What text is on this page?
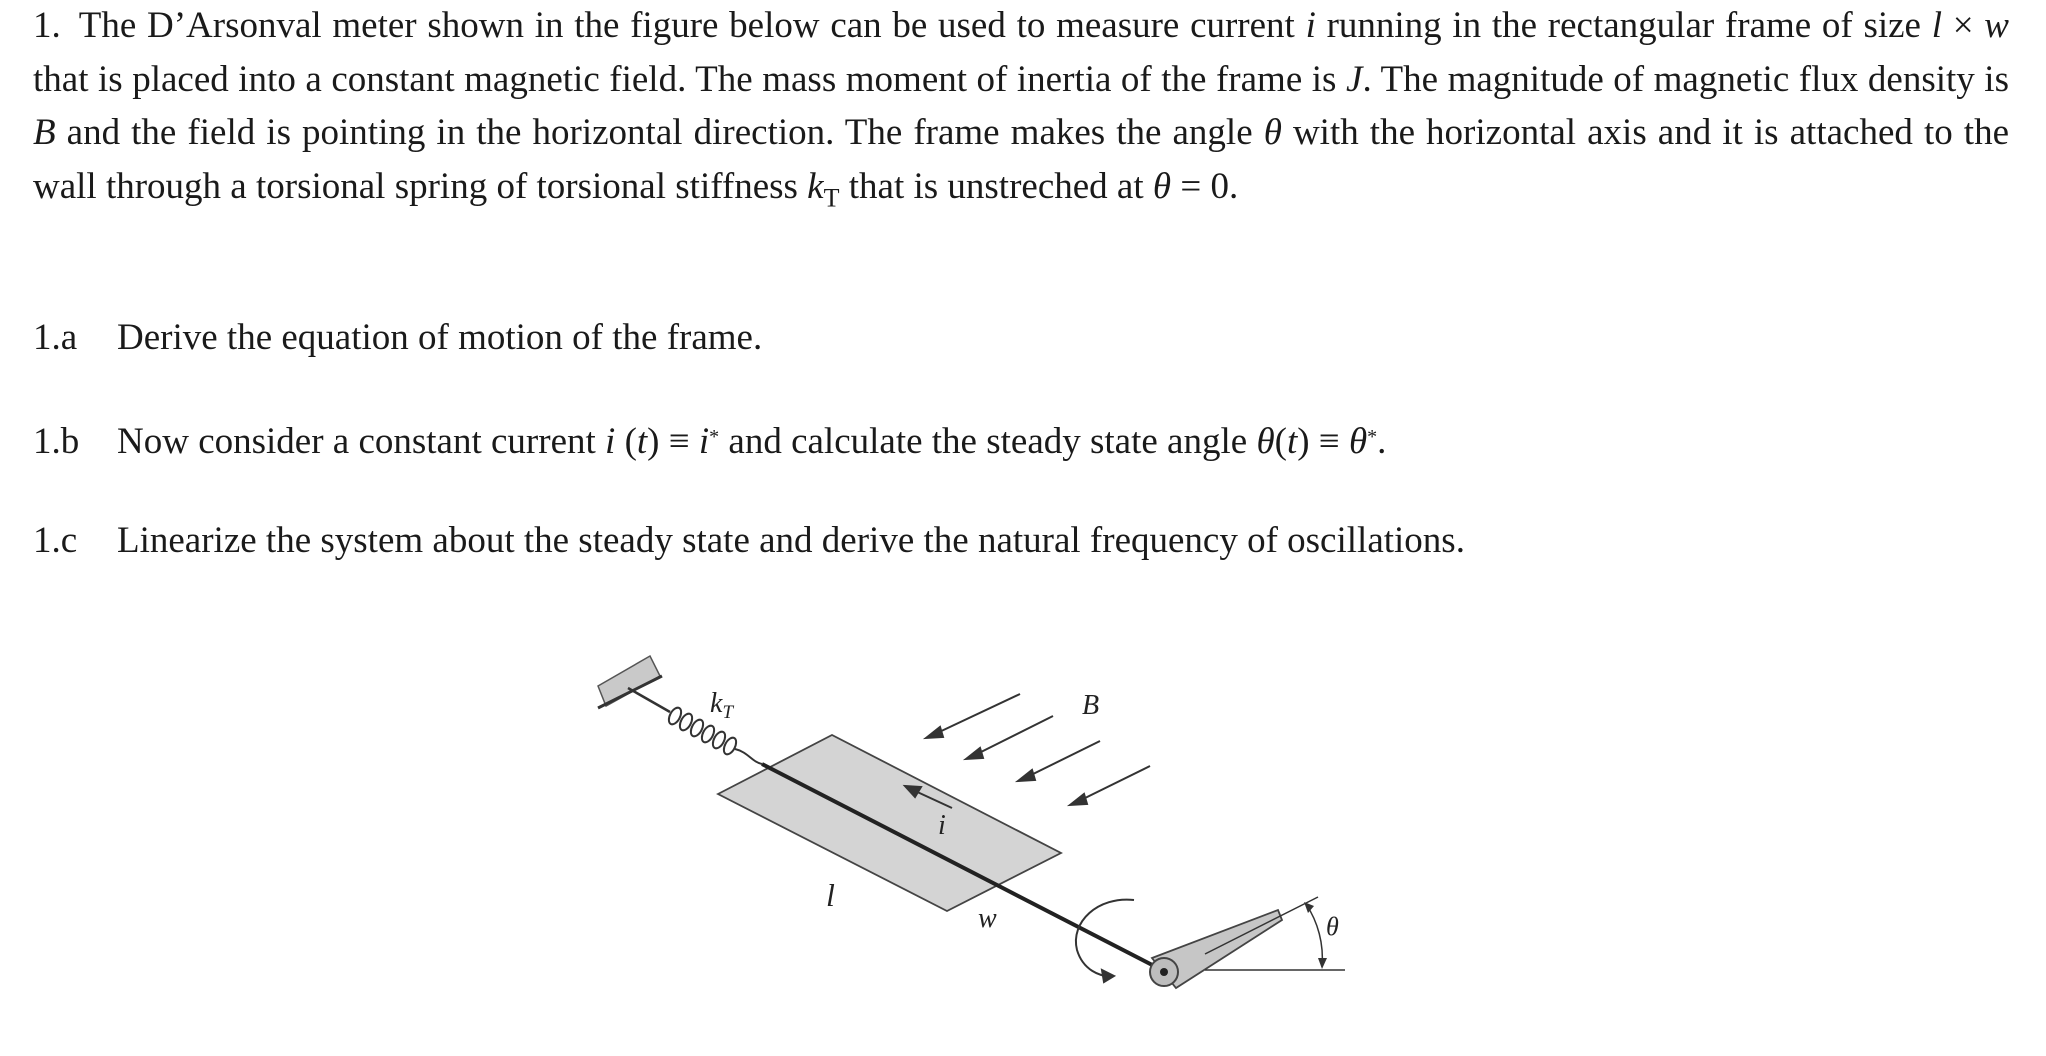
1. The D’Arsonval meter shown in the figure below can be used to measure current i running in the rectangular frame of size l × w that is placed into a constant magnetic field. The mass moment of inertia of the frame is J. The magnitude of magnetic flux density is B and the field is pointing in the horizontal direction. The frame makes the angle θ with the horizontal axis and it is attached to the wall through a torsional spring of torsional stiffness $k_T$ that is unstreched at θ = 0.
1.a Derive the equation of motion of the frame.
1.b Now consider a constant current i (t) ≡ i* and calculate the steady state angle θ(t) ≡ θ*.
1.c Linearize the system about the steady state and derive the natural frequency of oscillations.
$k_T$	B
i
l
w	θ
